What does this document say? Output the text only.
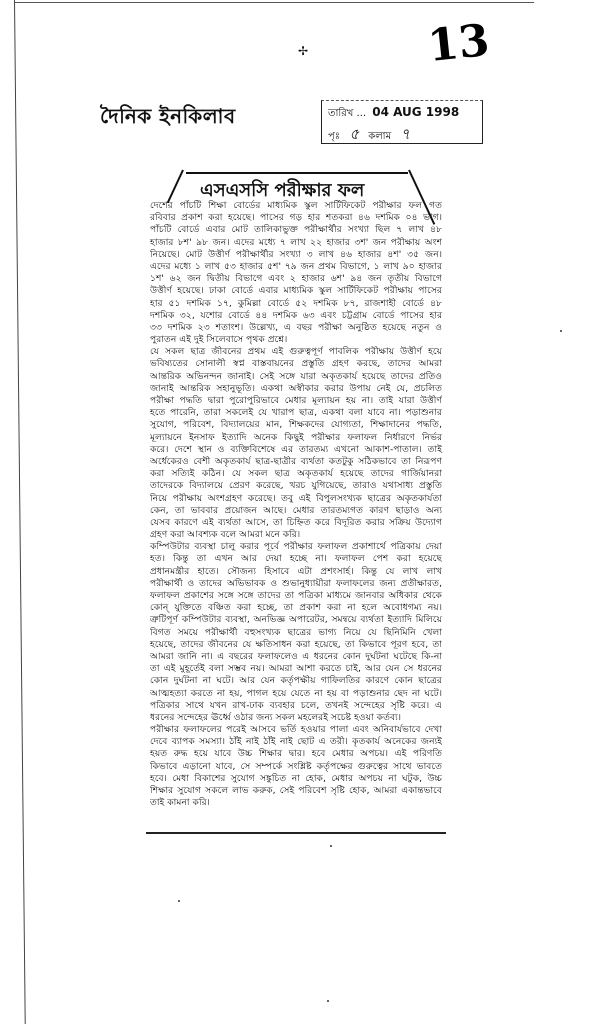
13
✢
দৈনিক ইনকিলাব	তারিখ ... 04 AUG 1998
পৃঃ ৫ কলাম ৭
এসএসসি পরীক্ষার ফল
দেশের পাঁচটি শিক্ষা বোর্ডের মাধ্যমিক স্কুল সার্টিফিকেট পরীক্ষার ফল গত
রবিবার প্রকাশ করা হয়েছে। পাসের গড় হার শতকরা ৪৬ দশমিক ০৪ ভাগ।
পাঁচটি বোর্ডে এবার মোট তালিকাভুক্ত পরীক্ষার্থীর সংখ্যা ছিল ৭ লাখ ৪৮
হাজার ৮শ' ৯৮ জন। এদের মধ্যে ৭ লাখ ২২ হাজার ৩শ' জন পরীক্ষায় অংশ
নিয়েছে। মোট উত্তীর্ণ পরীক্ষার্থীর সংখ্যা ৩ লাখ ৪৬ হাজার ৪শ' ৩৫ জন।
এদের মধ্যে ১ লাখ ৫৩ হাজার ৫শ' ৭৯ জন প্রথম বিভাগে, ১ লাখ ৯০ হাজার
১শ' ৬২ জন দ্বিতীয় বিভাগে এবং ২ হাজার ৬শ' ৯৪ জন তৃতীয় বিভাগে
উত্তীর্ণ হয়েছে। ঢাকা বোর্ডে এবার মাধ্যমিক স্কুল সার্টিফিকেট পরীক্ষায় পাসের
হার ৫১ দশমিক ১৭, কুমিল্লা বোর্ডে ৫২ দশমিক ৮৭, রাজশাহী বোর্ডে ৪৮
দশমিক ৩২, যশোর বোর্ডে ৪৪ দশমিক ৬৩ এবং চট্টগ্রাম বোর্ডে পাসের হার
৩৩ দশমিক ২৩ শতাংশ। উল্লেখ্য, এ বছর পরীক্ষা অনুষ্ঠিত হয়েছে নতুন ও
পুরাতন এই দুই সিলেবাসে পৃথক প্রশ্নে।
যে সকল ছাত্র জীবনের প্রথম এই গুরুত্বপূর্ণ পাবলিক পরীক্ষায় উত্তীর্ণ হয়ে
ভবিষ্যতের সোনালী স্বপ্ন বাস্তবায়নের প্রস্তুতি গ্রহণ করছে, তাদের আমরা
আন্তরিক অভিনন্দন জানাই। সেই সঙ্গে যারা অকৃতকার্য হয়েছে তাদের প্রতিও
জানাই আন্তরিক সহানুভূতি। একথা অস্বীকার করার উপায় নেই যে, প্রচলিত
পরীক্ষা পদ্ধতি দ্বারা পুরোপুরিভাবে মেধার মূল্যায়ন হয় না। তাই যারা উত্তীর্ণ
হতে পারেনি, তারা সকলেই যে খারাপ ছাত্র, একথা বলা যাবে না। পড়াশুনার
সুযোগ, পরিবেশ, বিদ্যালয়ের মান, শিক্ষকদের যোগ্যতা, শিক্ষাদানের পদ্ধতি,
মূল্যায়নে ইনসাফ ইত্যাদি অনেক কিছুই পরীক্ষার ফলাফল নির্ধারণে নির্ভর
করে। দেশে স্থান ও ব্যক্তিবিশেষে এর তারতম্য এখনো আকাশ-পাতাল। তাই
অর্ধেকেরও বেশী অকৃতকার্য ছাত্র-ছাত্রীর ব্যর্থতা কতটুকু সঠিকভাবে তা নিরূপণ
করা সত্যিই কঠিন। যে সকল ছাত্র অকৃতকার্য হয়েছে তাদের গার্জিয়ানরা
তাদেরকে বিদ্যালয়ে প্রেরণ করেছে, খরচ যুগিয়েছে, তারাও যথাসাধ্য প্রস্তুতি
নিয়ে পরীক্ষায় অংশগ্রহণ করেছে। তবু এই বিপুলসংখ্যক ছাত্রের অকৃতকার্যতা
কেন, তা ভাববার প্রয়োজন আছে। মেধার তারতম্যগত কারণ ছাড়াও অন্য
যেসব কারণে এই ব্যর্থতা আসে, তা চিহ্নিত করে বিদূরিত করার সক্রিয় উদ্যোগ
গ্রহণ করা আবশ্যক বলে আমরা মনে করি।
কম্পিউটার ব্যবস্থা চালু করার পূর্বে পরীক্ষার ফলাফল প্রকাশার্থে পত্রিকায় দেয়া
হত। কিন্তু তা এখন আর দেয়া হচ্ছে না। ফলাফল পেশ করা হয়েছে
প্রধানমন্ত্রীর হাতে। সৌজন্য হিসাবে এটা প্রশংসার্হ। কিন্তু যে লাখ লাখ
পরীক্ষার্থী ও তাদের অভিভাবক ও শুভানুধ্যায়ীরা ফলাফলের জন্য প্রতীক্ষারত,
ফলাফল প্রকাশের সঙ্গে সঙ্গে তাদের তা পত্রিকা মাধ্যমে জানবার অধিকার থেকে
কোন্ যুক্তিতে বঞ্চিত করা হচ্ছে, তা প্রকাশ করা না হলে অবোধগম্য নয়।
ত্রুটিপূর্ণ কম্পিউটার ব্যবস্থা, অনভিজ্ঞ অপারেটর, সমন্বয়ে ব্যর্থতা ইত্যাদি মিলিয়ে
বিগত সময়ে পরীক্ষার্থী বহুসংখ্যক ছাত্রের ভাগ্য নিয়ে যে ছিনিমিনি খেলা
হয়েছে, তাদের জীবনের যে ক্ষতিসাধন করা হয়েছে, তা কিভাবে পূরণ হবে, তা
আমরা জানি না। এ বছরের ফলাফলেও এ ধরনের কোন দুর্ঘটনা ঘটেছে কি-না
তা এই মুহূর্তেই বলা সম্ভব নয়। আমরা আশা করতে চাই, আর যেন সে ধরনের
কোন দুর্ঘটনা না ঘটে। আর যেন কর্তৃপক্ষীয় গাফিলতির কারণে কোন ছাত্রের
আত্মহত্যা করতে না হয়, পাগল হয়ে যেতে না হয় বা পড়াশুনার ছেদ না ঘটে।
পত্রিকার সাথে যখন রাখ-ঢাক ব্যবহার চলে, তখনই সন্দেহের সৃষ্টি করে। এ
ধরনের সন্দেহের ঊর্ধ্বে ওঠার জন্য সকল মহলেরই সচেষ্ট হওয়া কর্তব্য।
পরীক্ষার ফলাফলের পরেই আসবে ভর্তি হওয়ার পালা এবং অনিবার্যভাবে দেখা
দেবে ব্যাপক সমস্যা। ঠাঁই নাই ঠাঁই নাই ছোট এ তরী। কৃতকার্য অনেকের জন্যই
হয়ত রুদ্ধ হয়ে যাবে উচ্চ শিক্ষার দ্বার। হবে মেধার অপচয়। এই পরিণতি
কিভাবে এড়ানো যাবে, সে সম্পর্কে সংশ্লিষ্ট কর্তৃপক্ষের গুরুত্বের সাথে ভাবতে
হবে। মেধা বিকাশের সুযোগ সঙ্কুচিত না হোক, মেধার অপচয় না ঘটুক, উচ্চ
শিক্ষার সুযোগ সকলে লাভ করুক, সেই পরিবেশ সৃষ্টি হোক, আমরা একান্তভাবে
তাই কামনা করি।
